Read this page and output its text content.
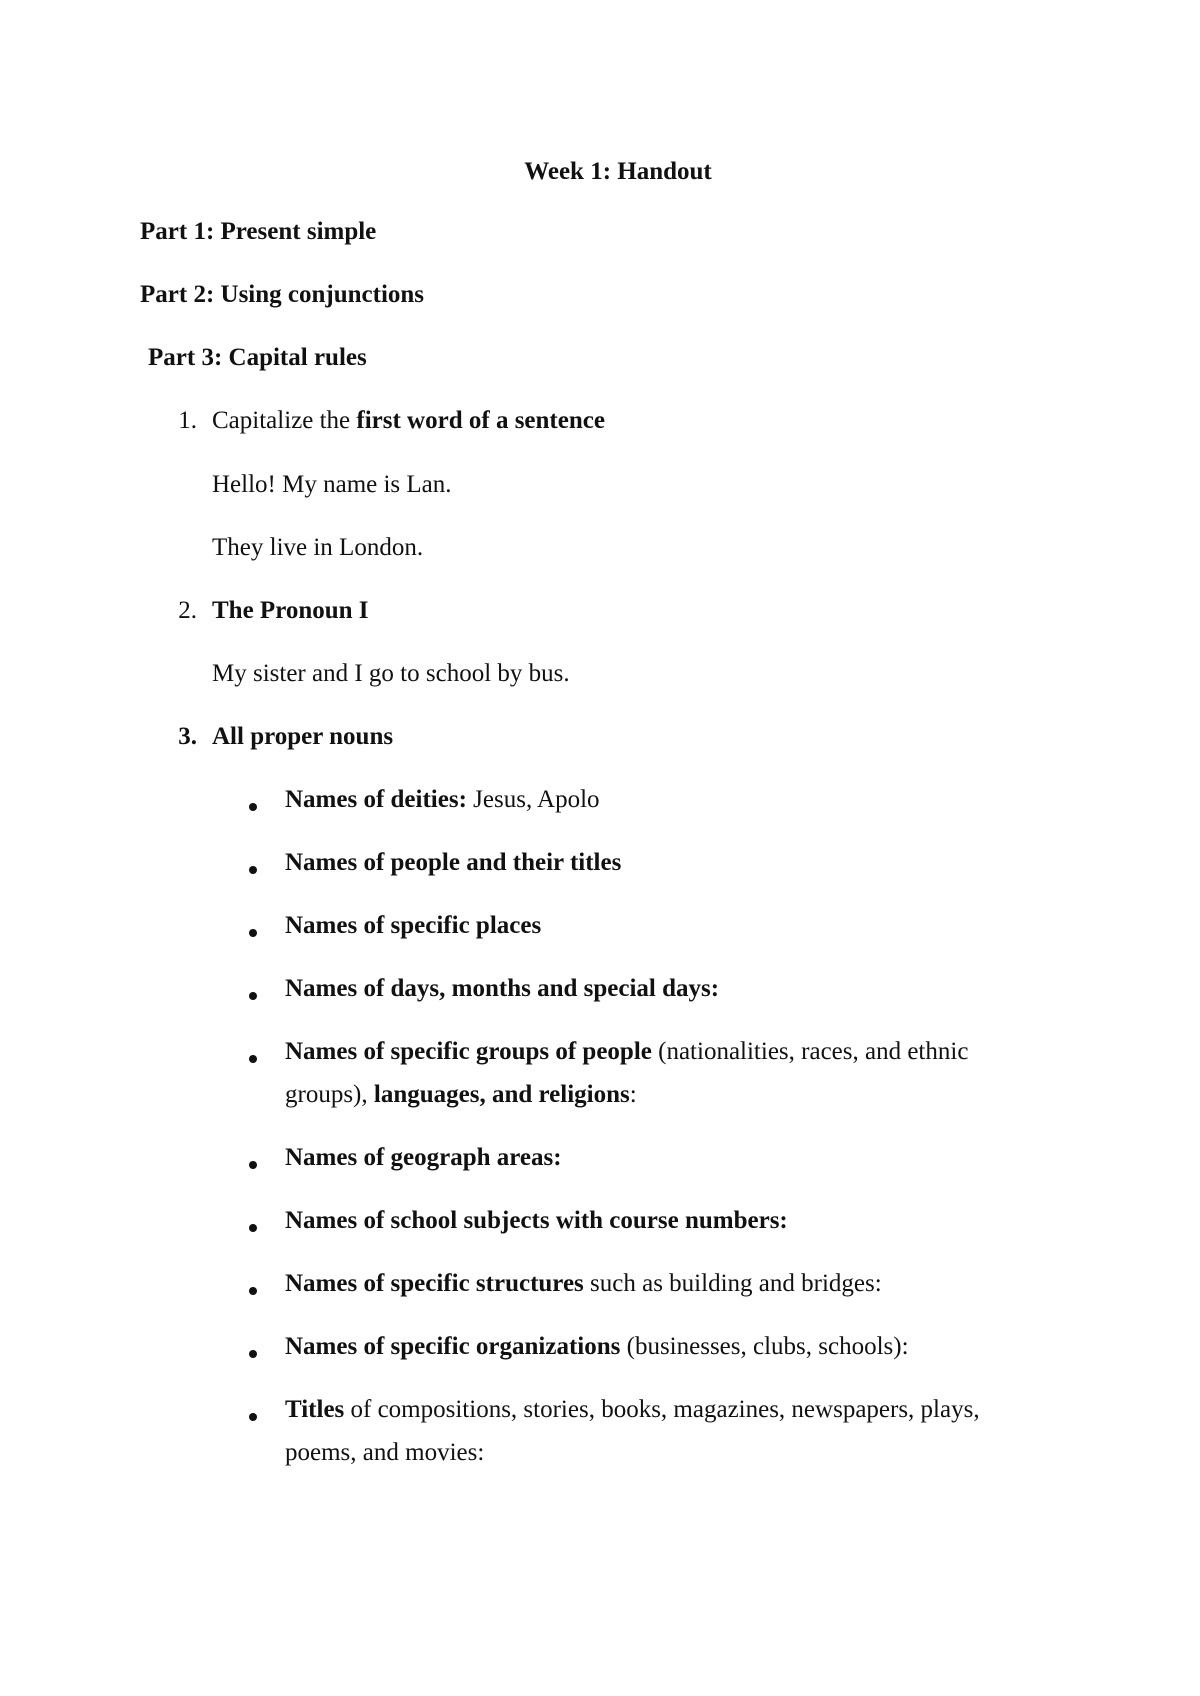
Week 1: Handout
Part 1: Present simple
Part 2: Using conjunctions
Part 3: Capital rules
1. Capitalize the first word of a sentence
Hello! My name is Lan.
They live in London.
2. The Pronoun I
My sister and I go to school by bus.
3. All proper nouns
Names of deities: Jesus, Apolo
Names of people and their titles
Names of specific places
Names of days, months and special days:
Names of specific groups of people (nationalities, races, and ethnic
groups), languages, and religions:
Names of geograph areas:
Names of school subjects with course numbers:
Names of specific structures such as building and bridges:
Names of specific organizations (businesses, clubs, schools):
Titles of compositions, stories, books, magazines, newspapers, plays,
poems, and movies:
